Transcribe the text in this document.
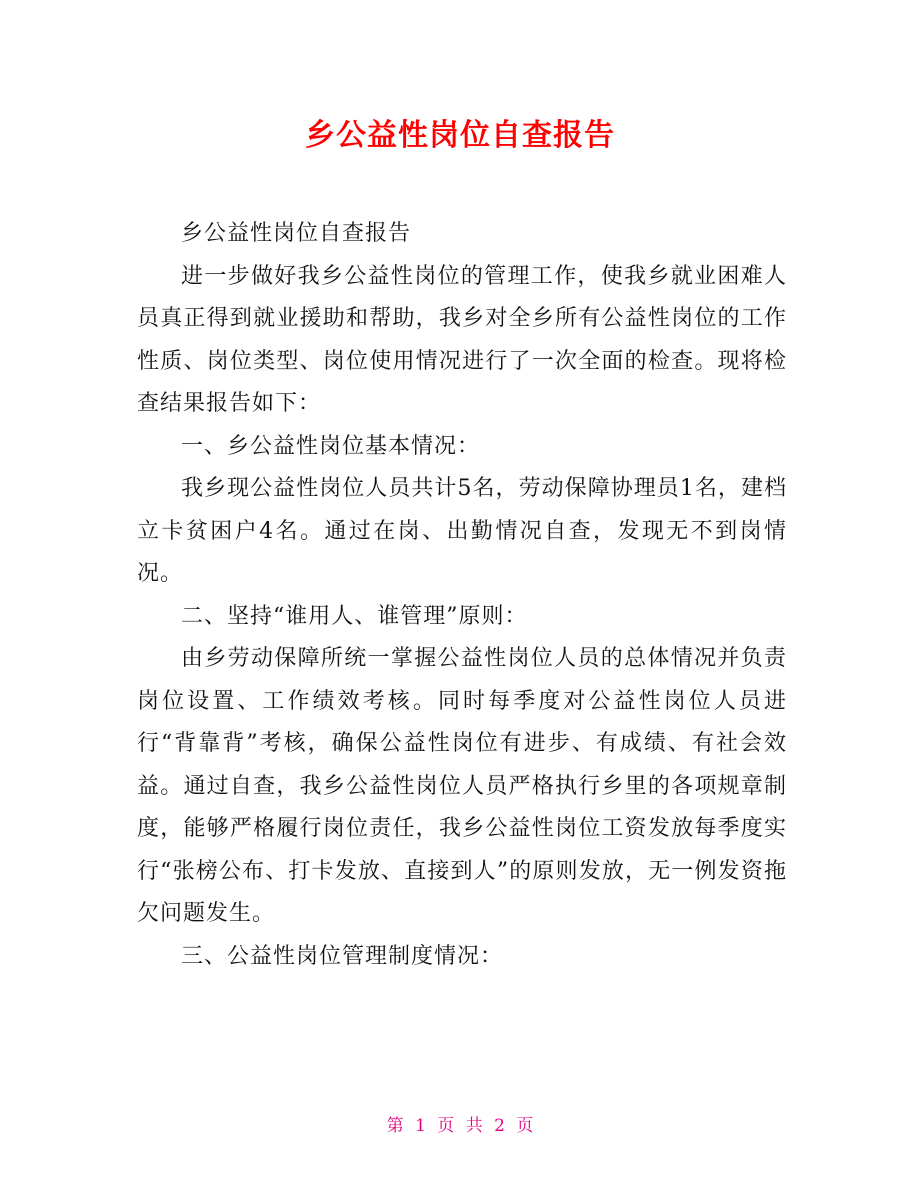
乡公益性岗位自查报告

乡公益性岗位自查报告

进一步做好我乡公益性岗位的管理工作，使我乡就业困难人员真正得到就业援助和帮助，我乡对全乡所有公益性岗位的工作性质、岗位类型、岗位使用情况进行了一次全面的检查。现将检查结果报告如下：

一、乡公益性岗位基本情况：

我乡现公益性岗位人员共计5名，劳动保障协理员1名，建档立卡贫困户4名。通过在岗、出勤情况自查，发现无不到岗情况。

二、坚持“谁用人、谁管理”原则：

由乡劳动保障所统一掌握公益性岗位人员的总体情况并负责岗位设置、工作绩效考核。同时每季度对公益性岗位人员进行“背靠背”考核，确保公益性岗位有进步、有成绩、有社会效益。通过自查，我乡公益性岗位人员严格执行乡里的各项规章制度，能够严格履行岗位责任，我乡公益性岗位工资发放每季度实行“张榜公布、打卡发放、直接到人”的原则发放，无一例发资拖欠问题发生。

三、公益性岗位管理制度情况：

第 1 页 共 2 页
